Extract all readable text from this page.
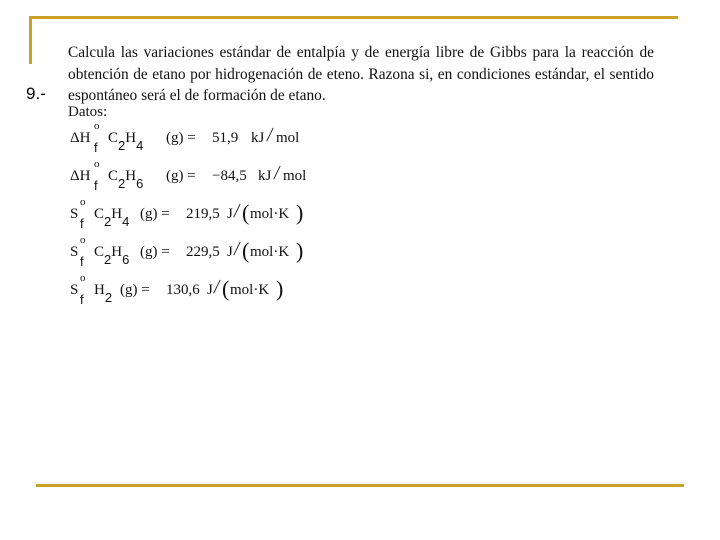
9.-
Calcula las variaciones estándar de entalpía y de energía libre de Gibbs para la reacción de obtención de etano por hidrogenación de eteno. Razona si, en condiciones estándar, el sentido espontáneo será el de formación de etano.
Datos:
ΔH
o
f
C2H4 (g) = 51,9 kJ / mol
ΔH
o
f
C2H6 (g) = −84,5 kJ / mol
S
o
f
C2H4 (g) = 219,5 J / ( mol·K )
S
o
f
C2H6 (g) = 229,5 J / ( mol·K )
S
o
f
H2 (g) = 130,6 J / ( mol·K )
